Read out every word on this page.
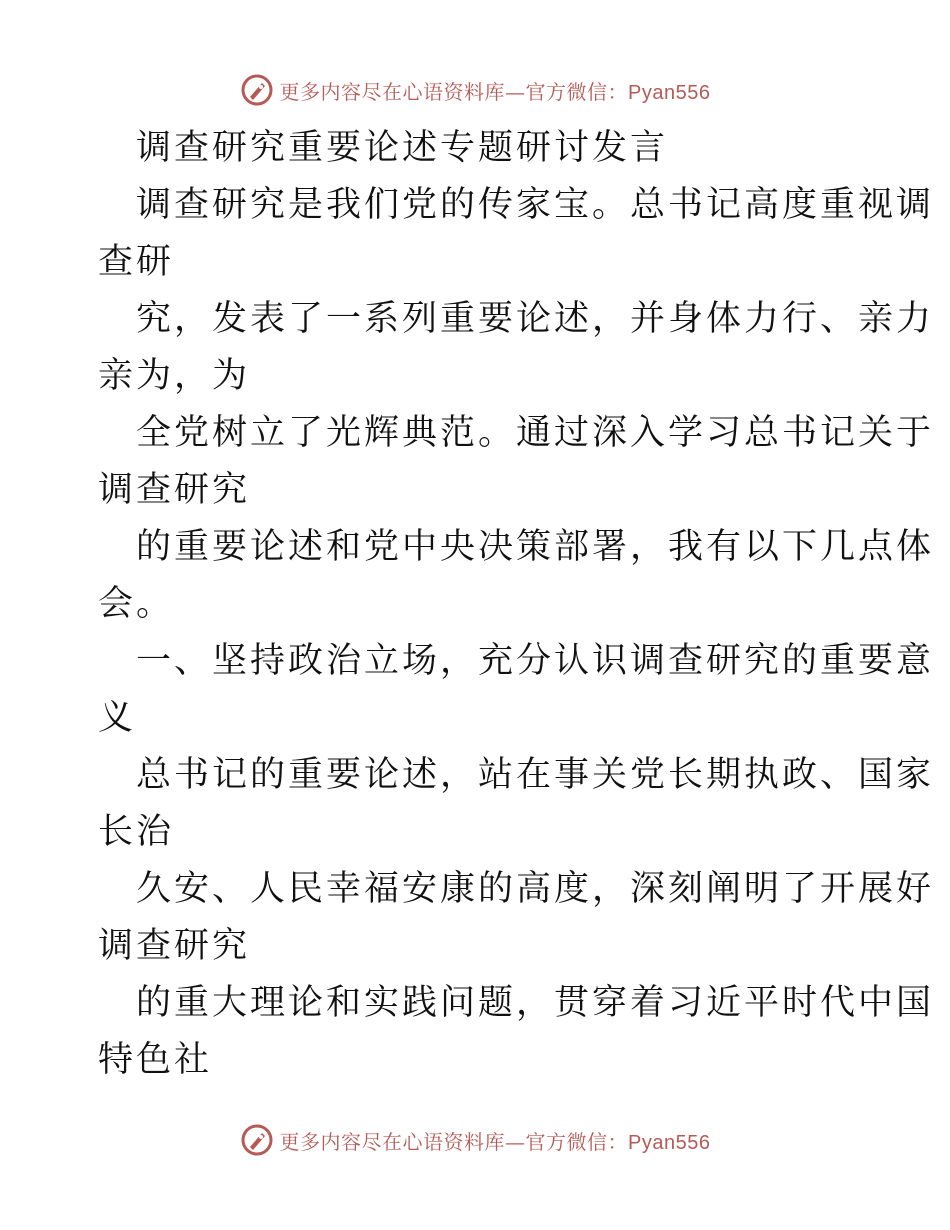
更多内容尽在心语资料库—官方微信：Pyan556
调查研究重要论述专题研讨发言
调查研究是我们党的传家宝。总书记高度重视调
查研
究，发表了一系列重要论述，并身体力行、亲力
亲为，为
全党树立了光辉典范。通过深入学习总书记关于
调查研究
的重要论述和党中央决策部署，我有以下几点体
会。
一、坚持政治立场，充分认识调查研究的重要意
义
总书记的重要论述，站在事关党长期执政、国家
长治
久安、人民幸福安康的高度，深刻阐明了开展好
调查研究
的重大理论和实践问题，贯穿着习近平时代中国
特色社
更多内容尽在心语资料库—官方微信：Pyan556
